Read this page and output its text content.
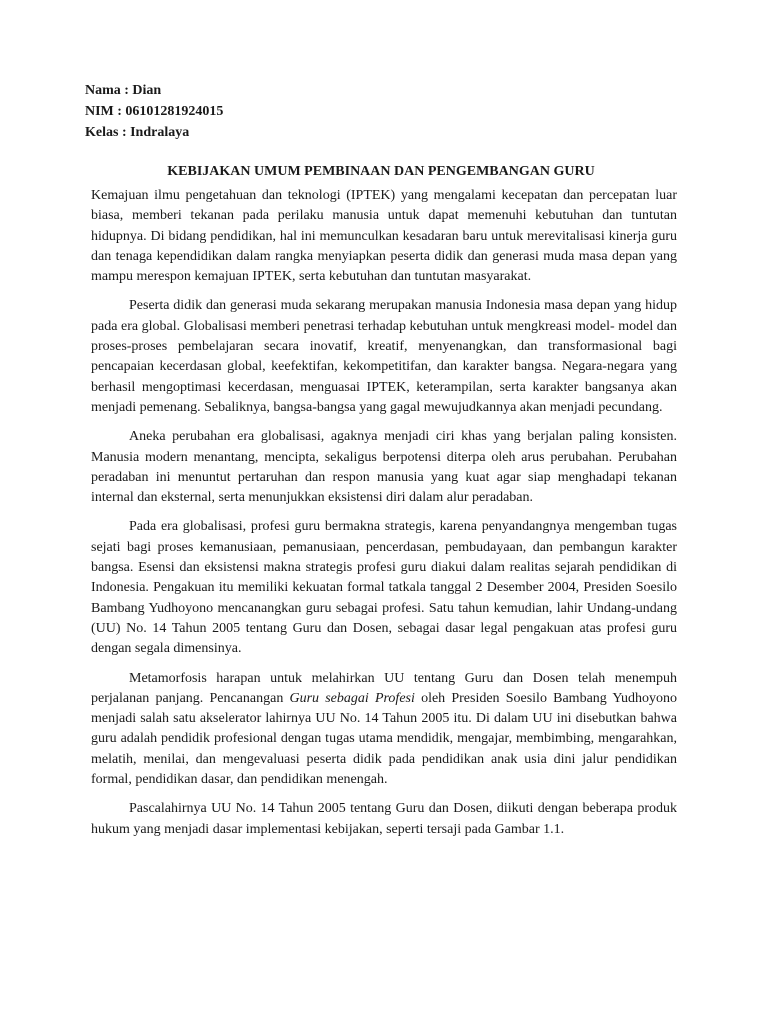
Nama : Dian
NIM : 06101281924015
Kelas : Indralaya
KEBIJAKAN UMUM PEMBINAAN DAN PENGEMBANGAN GURU

Kemajuan ilmu pengetahuan dan teknologi (IPTEK) yang mengalami kecepatan dan percepatan luar biasa, memberi tekanan pada perilaku manusia untuk dapat memenuhi kebutuhan dan tuntutan hidupnya. Di bidang pendidikan, hal ini memunculkan kesadaran baru untuk merevitalisasi kinerja guru dan tenaga kependidikan dalam rangka menyiapkan peserta didik dan generasi muda masa depan yang mampu merespon kemajuan IPTEK, serta kebutuhan dan tuntutan masyarakat.

Peserta didik dan generasi muda sekarang merupakan manusia Indonesia masa depan yang hidup pada era global. Globalisasi memberi penetrasi terhadap kebutuhan untuk mengkreasi model- model dan proses-proses pembelajaran secara inovatif, kreatif, menyenangkan, dan transformasional bagi pencapaian kecerdasan global, keefektifan, kekompetitifan, dan karakter bangsa. Negara-negara yang berhasil mengoptimasi kecerdasan, menguasai IPTEK, keterampilan, serta karakter bangsanya akan menjadi pemenang. Sebaliknya, bangsa-bangsa yang gagal mewujudkannya akan menjadi pecundang.

Aneka perubahan era globalisasi, agaknya menjadi ciri khas yang berjalan paling konsisten. Manusia modern menantang, mencipta, sekaligus berpotensi diterpa oleh arus perubahan. Perubahan peradaban ini menuntut pertaruhan dan respon manusia yang kuat agar siap menghadapi tekanan internal dan eksternal, serta menunjukkan eksistensi diri dalam alur peradaban.

Pada era globalisasi, profesi guru bermakna strategis, karena penyandangnya mengemban tugas sejati bagi proses kemanusiaan, pemanusiaan, pencerdasan, pembudayaan, dan pembangun karakter bangsa. Esensi dan eksistensi makna strategis profesi guru diakui dalam realitas sejarah pendidikan di Indonesia. Pengakuan itu memiliki kekuatan formal tatkala tanggal 2 Desember 2004, Presiden Soesilo Bambang Yudhoyono mencanangkan guru sebagai profesi. Satu tahun kemudian, lahir Undang-undang (UU) No. 14 Tahun 2005 tentang Guru dan Dosen, sebagai dasar legal pengakuan atas profesi guru dengan segala dimensinya.

Metamorfosis harapan untuk melahirkan UU tentang Guru dan Dosen telah menempuh perjalanan panjang. Pencanangan Guru sebagai Profesi oleh Presiden Soesilo Bambang Yudhoyono menjadi salah satu akselerator lahirnya UU No. 14 Tahun 2005 itu. Di dalam UU ini disebutkan bahwa guru adalah pendidik profesional dengan tugas utama mendidik, mengajar, membimbing, mengarahkan, melatih, menilai, dan mengevaluasi peserta didik pada pendidikan anak usia dini jalur pendidikan formal, pendidikan dasar, dan pendidikan menengah.

Pascalahirnya UU No. 14 Tahun 2005 tentang Guru dan Dosen, diikuti dengan beberapa produk hukum yang menjadi dasar implementasi kebijakan, seperti tersaji pada Gambar 1.1.
